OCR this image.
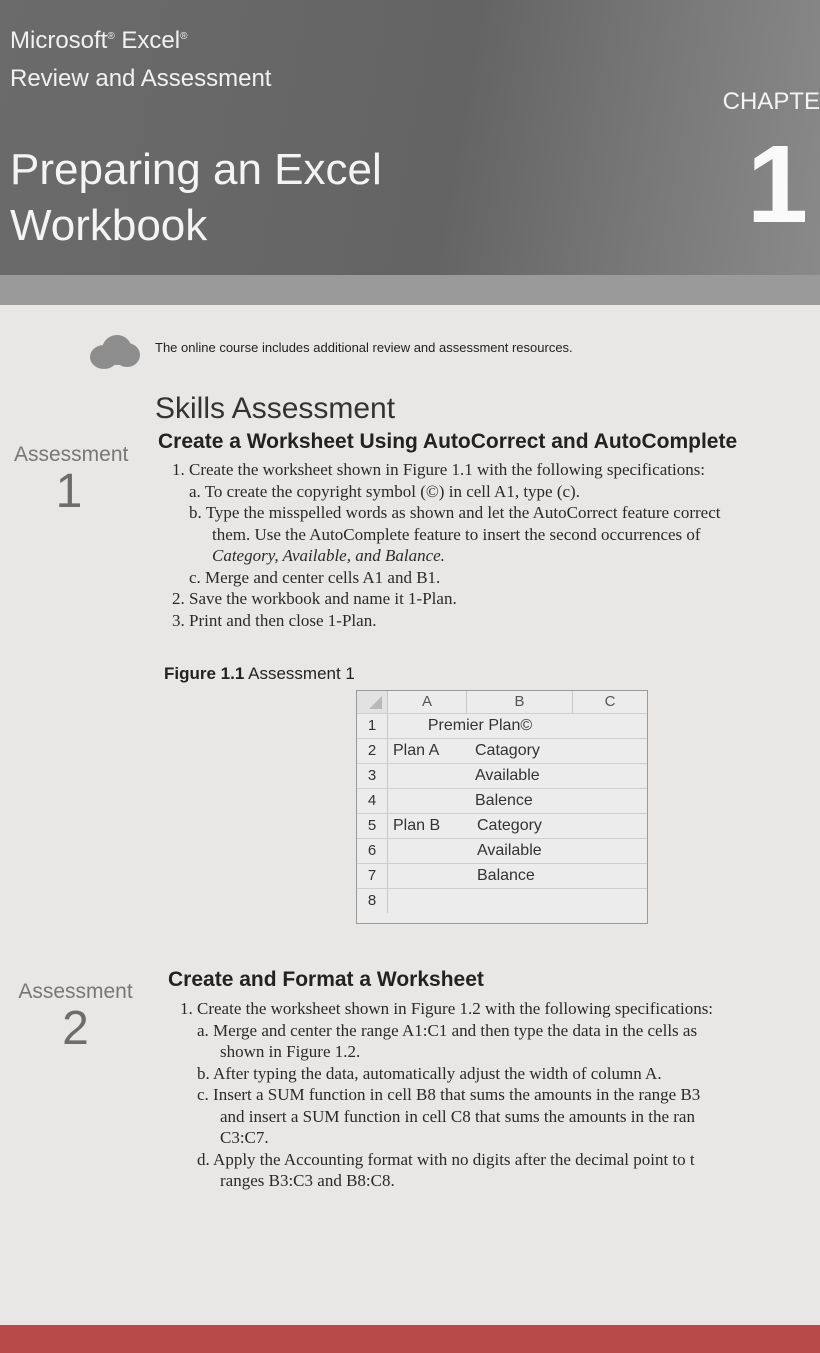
Microsoft® Excel®
Review and Assessment
Preparing an Excel
Workbook
CHAPTE
1
The online course includes additional review and assessment resources.
Skills Assessment
Assessment
1
Create a Worksheet Using AutoCorrect and AutoComplete
1. Create the worksheet shown in Figure 1.1 with the following specifications:
a. To create the copyright symbol (©) in cell A1, type (c).
b. Type the misspelled words as shown and let the AutoCorrect feature correct
them. Use the AutoComplete feature to insert the second occurrences of
Category, Available, and Balance.
c. Merge and center cells A1 and B1.
2. Save the workbook and name it 1-Plan.
3. Print and then close 1-Plan.
Figure 1.1 Assessment 1
A	B	C
1
2
3
4
5
6
7
8
Premier Plan©
Plan A Catagory
Available
Balence
Plan B Category
Available
Balance
Assessment
2
Create and Format a Worksheet
1. Create the worksheet shown in Figure 1.2 with the following specifications:
a. Merge and center the range A1:C1 and then type the data in the cells as
shown in Figure 1.2.
b. After typing the data, automatically adjust the width of column A.
c. Insert a SUM function in cell B8 that sums the amounts in the range B3
and insert a SUM function in cell C8 that sums the amounts in the ran
C3:C7.
d. Apply the Accounting format with no digits after the decimal point to t
ranges B3:C3 and B8:C8.
